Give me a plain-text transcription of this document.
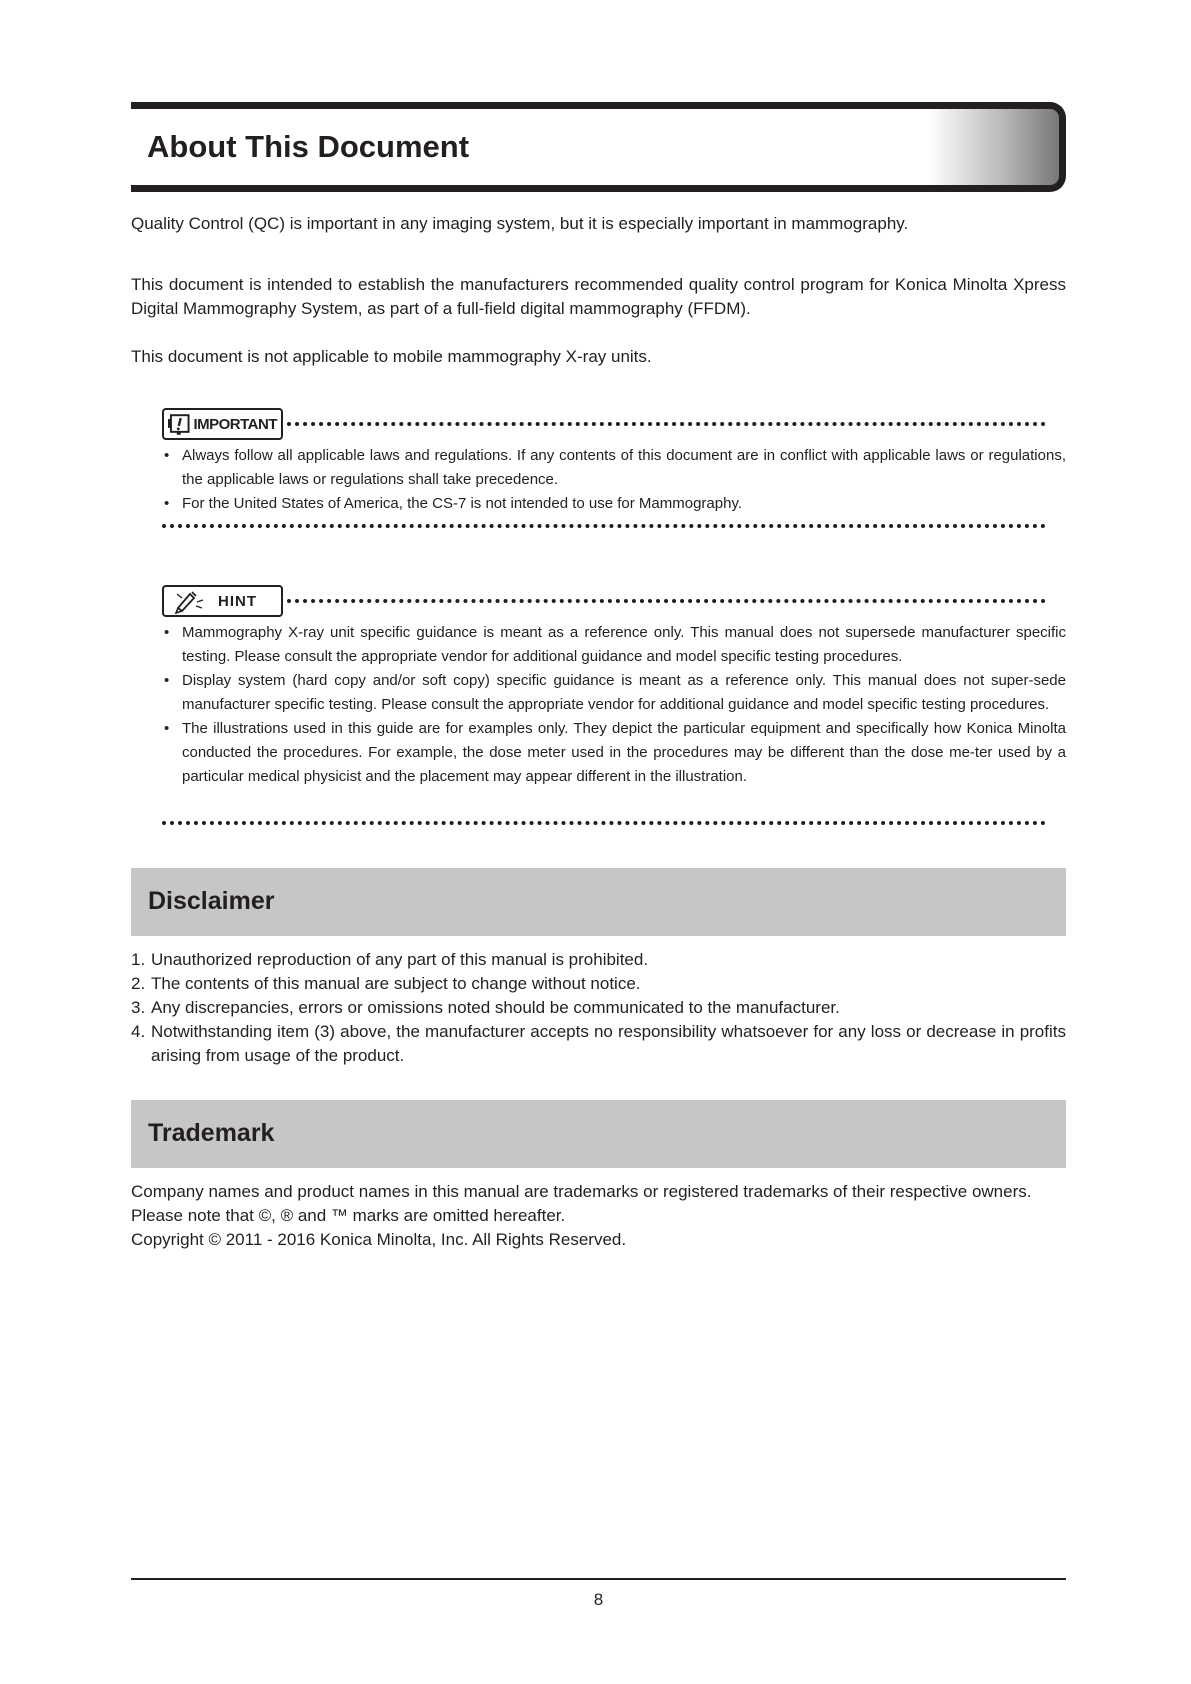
About This Document

Quality Control (QC) is important in any imaging system, but it is especially important in mammography.

This document is intended to establish the manufacturers recommended quality control program for Konica Minolta Xpress Digital Mammography System, as part of a full-field digital mammography (FFDM).

This document is not applicable to mobile mammography X-ray units.

IMPORTANT
• Always follow all applicable laws and regulations. If any contents of this document are in conflict with applicable laws or regulations, the applicable laws or regulations shall take precedence.
• For the United States of America, the CS-7 is not intended to use for Mammography.
HINT
• Mammography X-ray unit specific guidance is meant as a reference only. This manual does not supersede manufacturer specific testing. Please consult the appropriate vendor for additional guidance and model specific testing procedures.
• Display system (hard copy and/or soft copy) specific guidance is meant as a reference only. This manual does not super-sede manufacturer specific testing. Please consult the appropriate vendor for additional guidance and model specific testing procedures.
• The illustrations used in this guide are for examples only. They depict the particular equipment and specifically how Konica Minolta conducted the procedures. For example, the dose meter used in the procedures may be different than the dose me-ter used by a particular medical physicist and the placement may appear different in the illustration.
Disclaimer
1. Unauthorized reproduction of any part of this manual is prohibited.
2. The contents of this manual are subject to change without notice.
3. Any discrepancies, errors or omissions noted should be communicated to the manufacturer.
4. Notwithstanding item (3) above, the manufacturer accepts no responsibility whatsoever for any loss or decrease in profits arising from usage of the product.
Trademark
Company names and product names in this manual are trademarks or registered trademarks of their respective owners.
Please note that ©, ® and ™ marks are omitted hereafter.
Copyright © 2011 - 2016 Konica Minolta, Inc. All Rights Reserved.
8
